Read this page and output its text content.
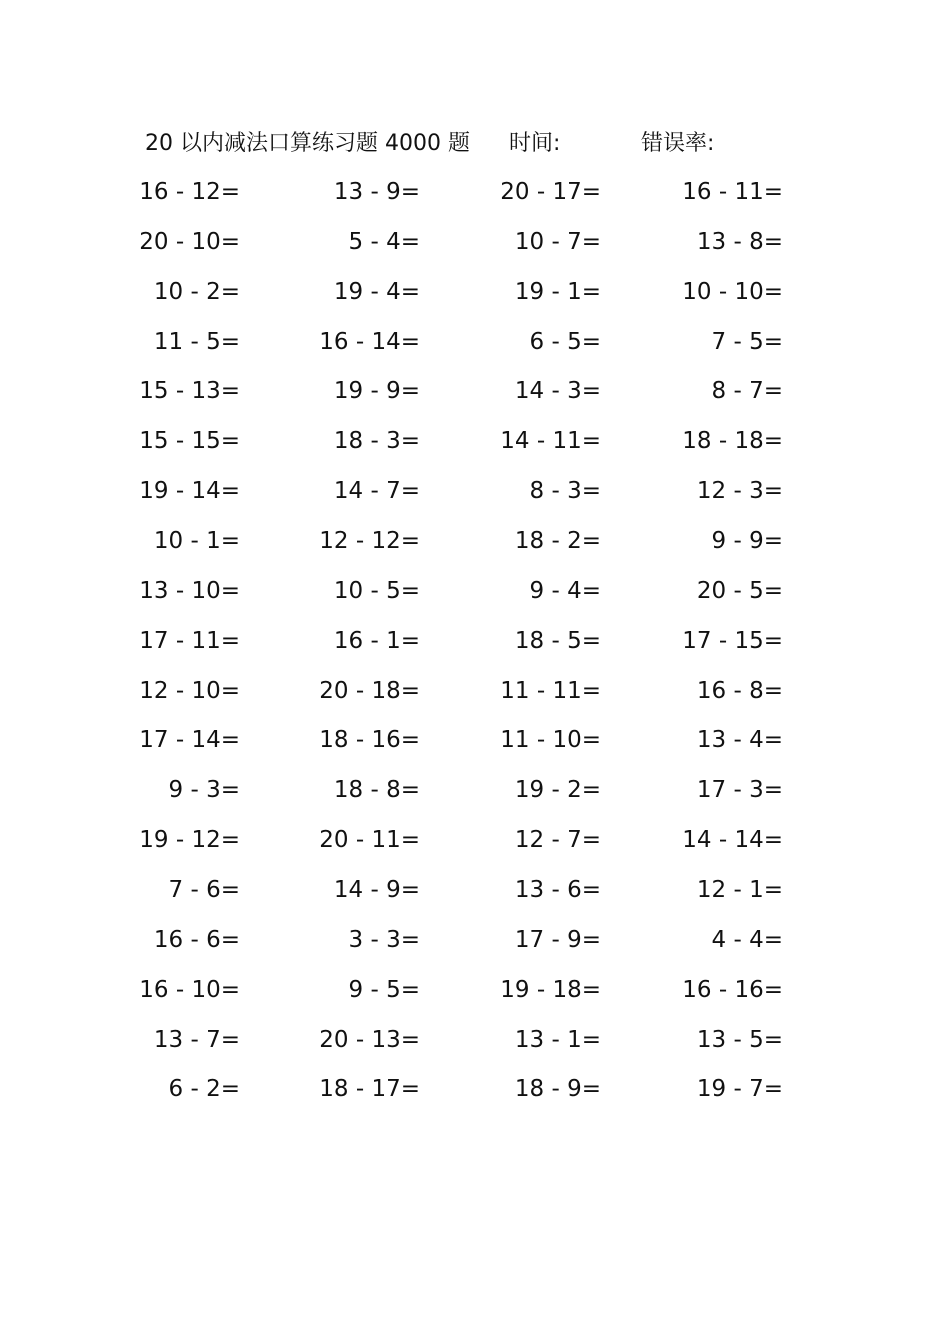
20 以内减法口算练习题 4000 题 时间:	错误率:
16 - 12=	13 - 9=	20 - 17=	16 - 11=
20 - 10=	5 - 4=	10 - 7=	13 - 8=
10 - 2=	19 - 4=	19 - 1=	10 - 10=
11 - 5=	16 - 14=	6 - 5=	7 - 5=
15 - 13=	19 - 9=	14 - 3=	8 - 7=
15 - 15=	18 - 3=	14 - 11=	18 - 18=
19 - 14=	14 - 7=	8 - 3=	12 - 3=
10 - 1=	12 - 12=	18 - 2=	9 - 9=
13 - 10=	10 - 5=	9 - 4=	20 - 5=
17 - 11=	16 - 1=	18 - 5=	17 - 15=
12 - 10=	20 - 18=	11 - 11=	16 - 8=
17 - 14=	18 - 16=	11 - 10=	13 - 4=
9 - 3=	18 - 8=	19 - 2=	17 - 3=
19 - 12=	20 - 11=	12 - 7=	14 - 14=
7 - 6=	14 - 9=	13 - 6=	12 - 1=
16 - 6=	3 - 3=	17 - 9=	4 - 4=
16 - 10=	9 - 5=	19 - 18=	16 - 16=
13 - 7=	20 - 13=	13 - 1=	13 - 5=
6 - 2=	18 - 17=	18 - 9=	19 - 7=
